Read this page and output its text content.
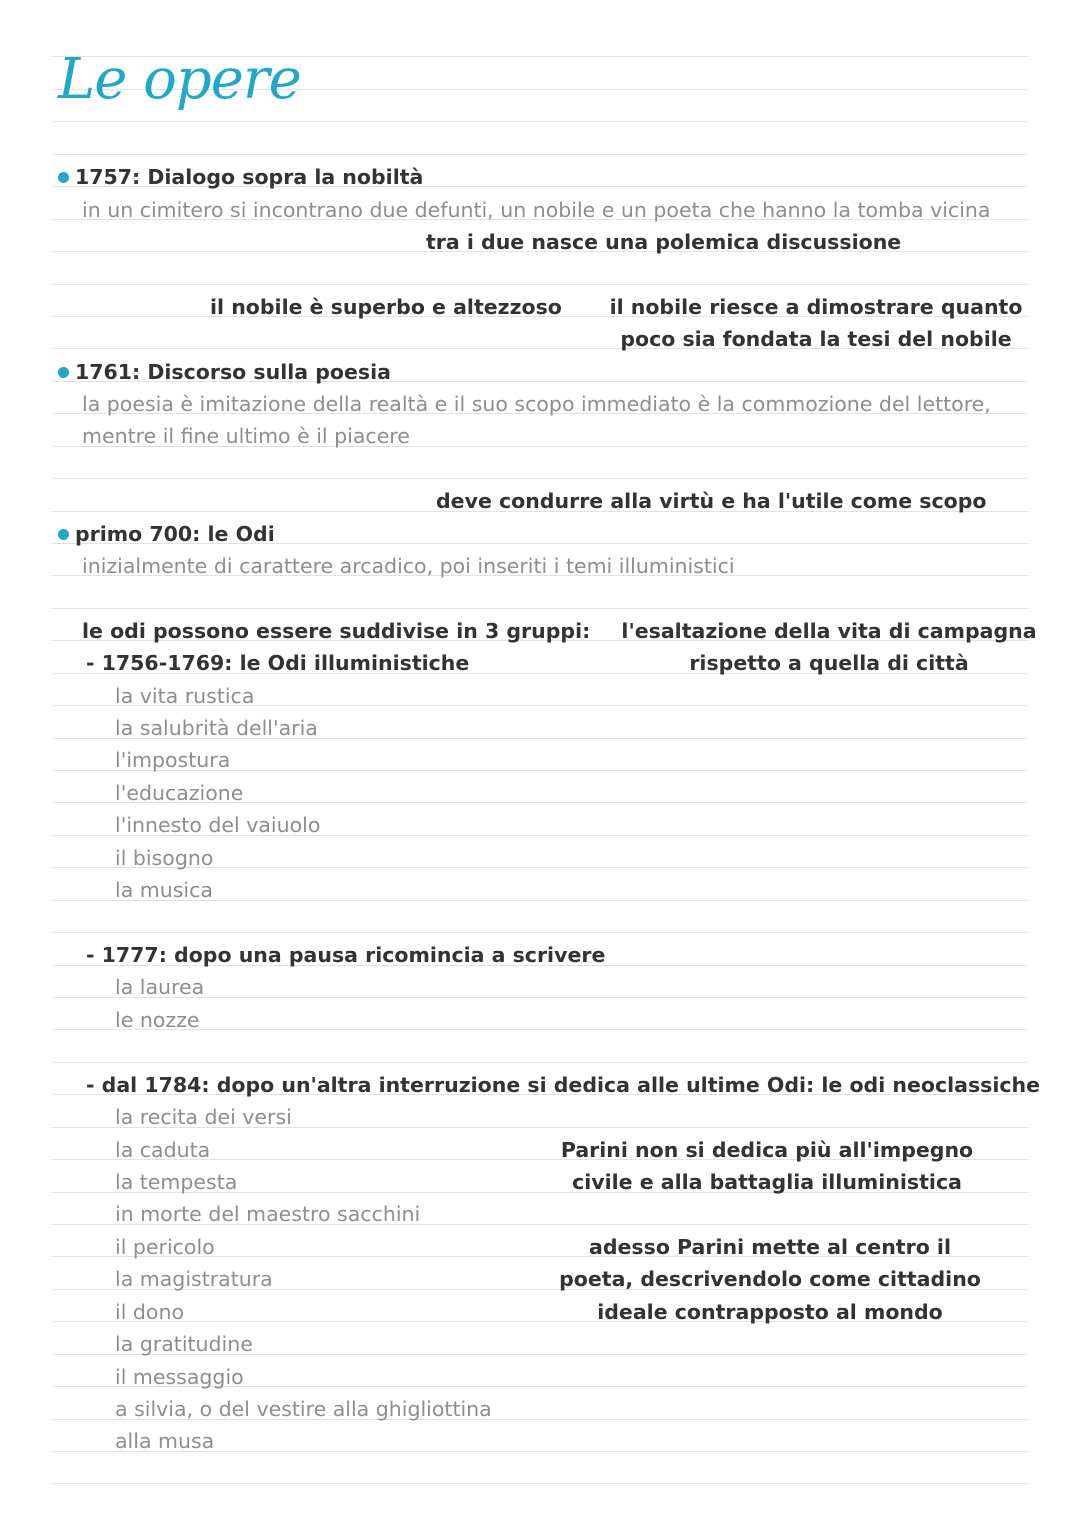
Le opere
1757: Dialogo sopra la nobiltà
in un cimitero si incontrano due defunti, un nobile e un poeta che hanno la tomba vicina
tra i due nasce una polemica discussione
il nobile è superbo e altezzoso il nobile riesce a dimostrare quanto
poco sia fondata la tesi del nobile
1761: Discorso sulla poesia
la poesia è imitazione della realtà e il suo scopo immediato è la commozione del lettore,
mentre il fine ultimo è il piacere
deve condurre alla virtù e ha l'utile come scopo
primo 700: le Odi
inizialmente di carattere arcadico, poi inseriti i temi illuministici
le odi possono essere suddivise in 3 gruppi: l'esaltazione della vita di campagna
rispetto a quella di città
- 1756-1769: le Odi illuministiche
la vita rustica
la salubrità dell'aria
l'impostura
l'educazione
l'innesto del vaiuolo
il bisogno
la musica
- 1777: dopo una pausa ricomincia a scrivere
la laurea
le nozze
- dal 1784: dopo un'altra interruzione si dedica alle ultime Odi: le odi neoclassiche
la recita dei versi
la caduta
la tempesta
in morte del maestro sacchini
il pericolo
la magistratura
il dono
la gratitudine
il messaggio
a silvia, o del vestire alla ghigliottina
alla musa
Parini non si dedica più all'impegno
civile e alla battaglia illuministica
adesso Parini mette al centro il
poeta, descrivendolo come cittadino
ideale contrapposto al mondo
